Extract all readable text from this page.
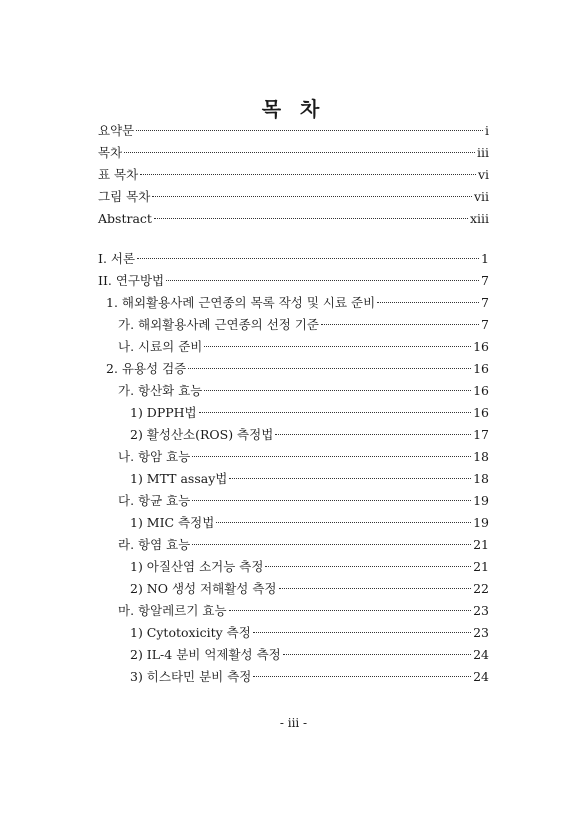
목 차
요약문	i
목차	iii
표 목차	vi
그림 목차	vii
Abstract	xiii
I. 서론	1
II. 연구방법	7
1. 해외활용사례 근연종의 목록 작성 및 시료 준비	7
가. 해외활용사례 근연종의 선정 기준	7
나. 시료의 준비	16
2. 유용성 검증	16
가. 항산화 효능	16
1) DPPH법	16
2) 활성산소(ROS) 측정법	17
나. 항암 효능	18
1) MTT assay법	18
다. 항균 효능	19
1) MIC 측정법	19
라. 항염 효능	21
1) 아질산염 소거능 측정	21
2) NO 생성 저해활성 측정	22
마. 항알레르기 효능	23
1) Cytotoxicity 측정	23
2) IL-4 분비 억제활성 측정	24
3) 히스타민 분비 측정	24
- iii -
